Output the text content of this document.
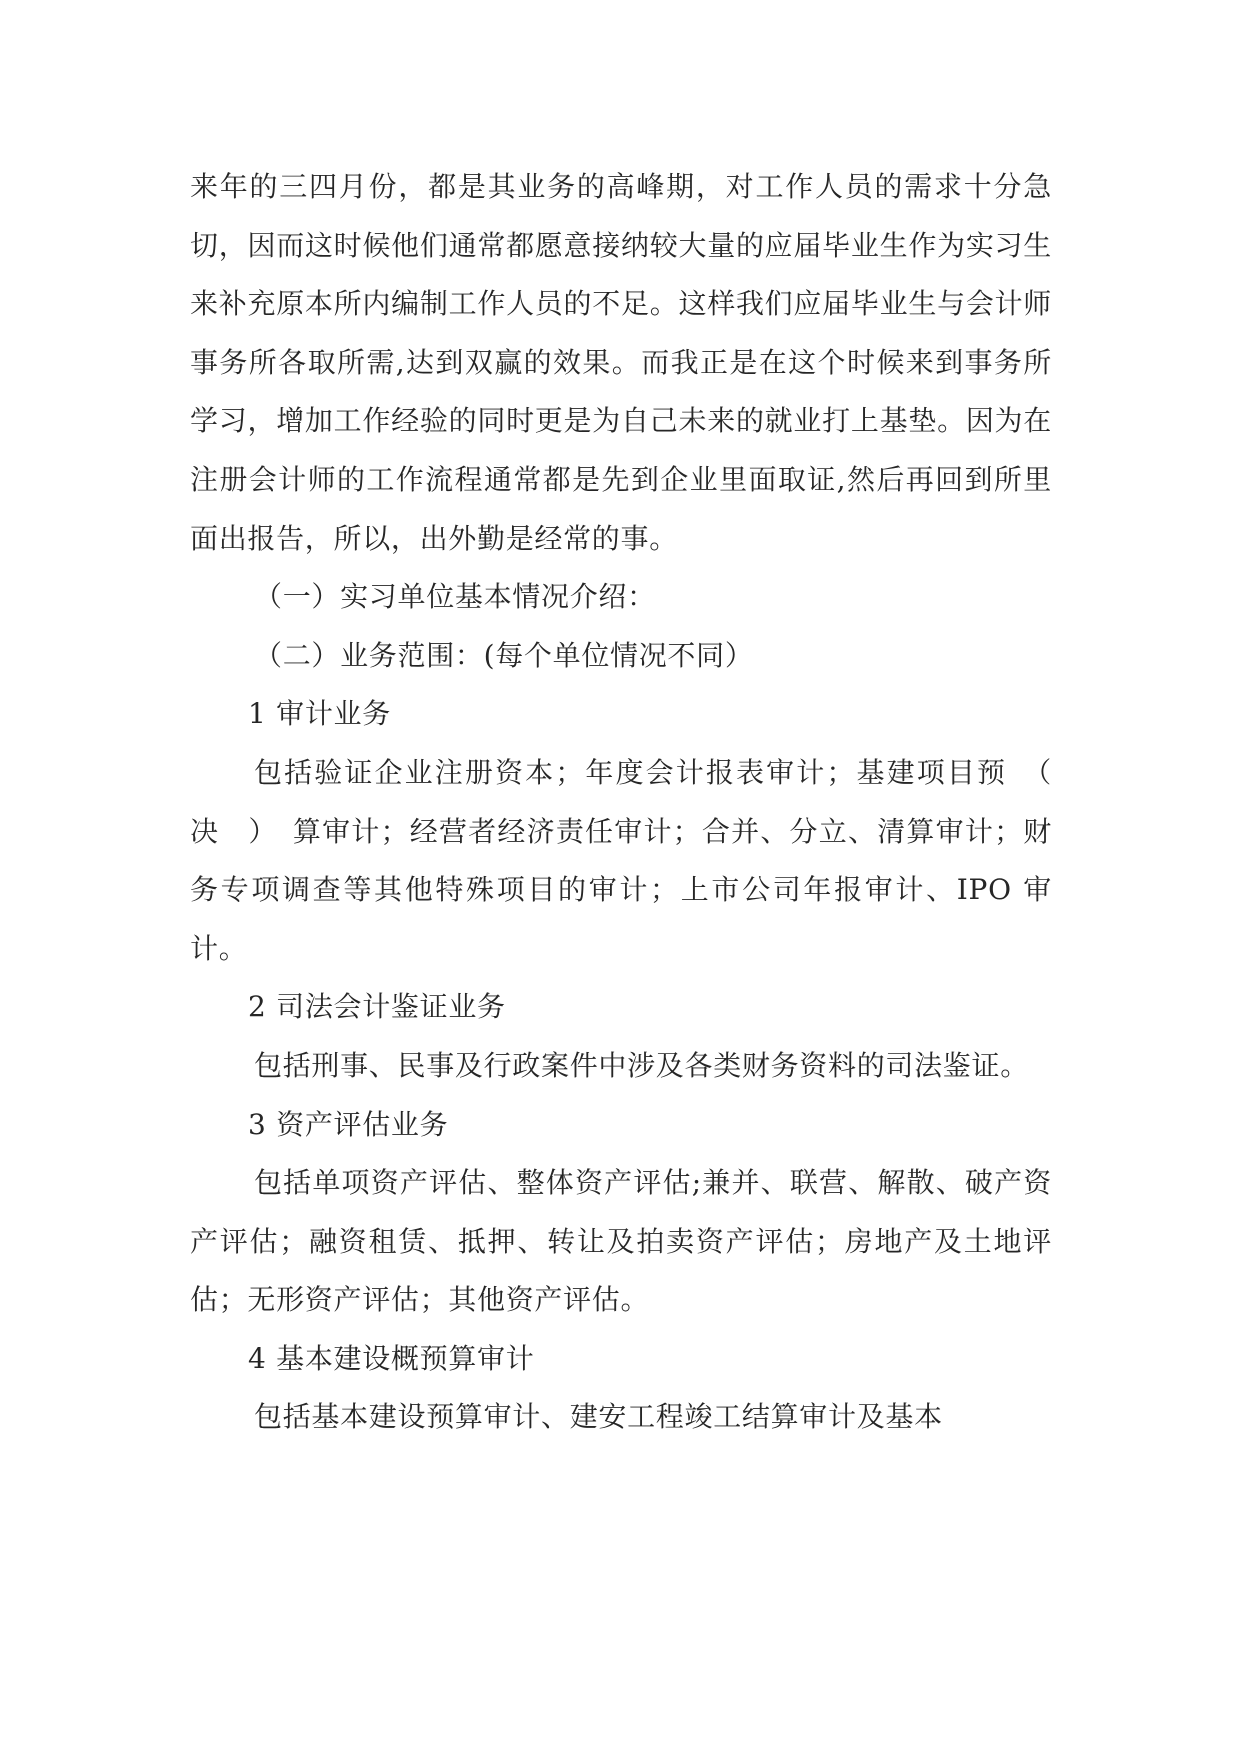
来年的三四月份，都是其业务的高峰期，对工作人员的需求十分急切，因而这时候他们通常都愿意接纳较大量的应届毕业生作为实习生来补充原本所内编制工作人员的不足。这样我们应届毕业生与会计师事务所各取所需,达到双赢的效果。而我正是在这个时候来到事务所学习，增加工作经验的同时更是为自己未来的就业打上基垫。因为在注册会计师的工作流程通常都是先到企业里面取证,然后再回到所里面出报告，所以，出外勤是经常的事。

（一）实习单位基本情况介绍：

（二）业务范围：(每个单位情况不同）

1 审计业务

包括验证企业注册资本；年度会计报表审计；基建项目预　（　决　）　算审计；经营者经济责任审计；合并、分立、清算审计；财务专项调查等其他特殊项目的审计；上市公司年报审计、IPO 审计。

2 司法会计鉴证业务

包括刑事、民事及行政案件中涉及各类财务资料的司法鉴证。

3 资产评估业务

包括单项资产评估、整体资产评估;兼并、联营、解散、破产资产评估；融资租赁、抵押、转让及拍卖资产评估；房地产及土地评估；无形资产评估；其他资产评估。

4 基本建设概预算审计

包括基本建设预算审计、建安工程竣工结算审计及基本
